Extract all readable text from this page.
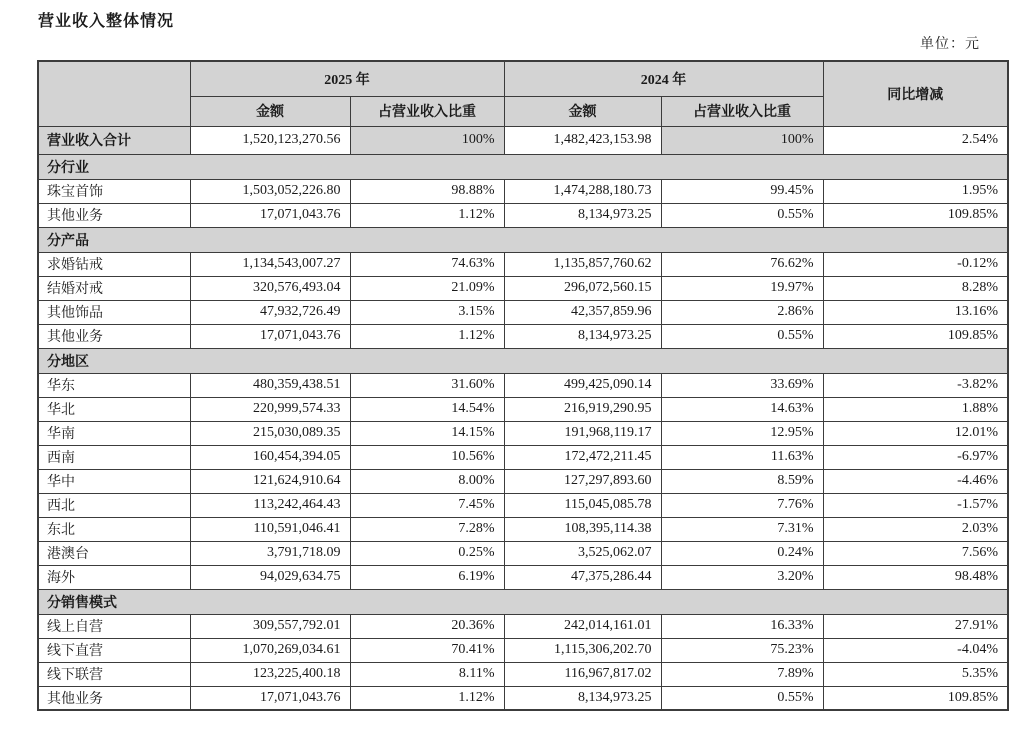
营业收入整体情况
单位：元
	2025 年		2024 年		同比增减
	金额	占营业收入比重	金额	占营业收入比重	
营业收入合计	1,520,123,270.56	100%	1,482,423,153.98	100%	2.54%
分行业					
珠宝首饰	1,503,052,226.80	98.88%	1,474,288,180.73	99.45%	1.95%
其他业务	17,071,043.76	1.12%	8,134,973.25	0.55%	109.85%
分产品					
求婚钻戒	1,134,543,007.27	74.63%	1,135,857,760.62	76.62%	-0.12%
结婚对戒	320,576,493.04	21.09%	296,072,560.15	19.97%	8.28%
其他饰品	47,932,726.49	3.15%	42,357,859.96	2.86%	13.16%
其他业务	17,071,043.76	1.12%	8,134,973.25	0.55%	109.85%
分地区					
华东	480,359,438.51	31.60%	499,425,090.14	33.69%	-3.82%
华北	220,999,574.33	14.54%	216,919,290.95	14.63%	1.88%
华南	215,030,089.35	14.15%	191,968,119.17	12.95%	12.01%
西南	160,454,394.05	10.56%	172,472,211.45	11.63%	-6.97%
华中	121,624,910.64	8.00%	127,297,893.60	8.59%	-4.46%
西北	113,242,464.43	7.45%	115,045,085.78	7.76%	-1.57%
东北	110,591,046.41	7.28%	108,395,114.38	7.31%	2.03%
港澳台	3,791,718.09	0.25%	3,525,062.07	0.24%	7.56%
海外	94,029,634.75	6.19%	47,375,286.44	3.20%	98.48%
分销售模式					
线上自营	309,557,792.01	20.36%	242,014,161.01	16.33%	27.91%
线下直营	1,070,269,034.61	70.41%	1,115,306,202.70	75.23%	-4.04%
线下联营	123,225,400.18	8.11%	116,967,817.02	7.89%	5.35%
其他业务	17,071,043.76	1.12%	8,134,973.25	0.55%	109.85%
